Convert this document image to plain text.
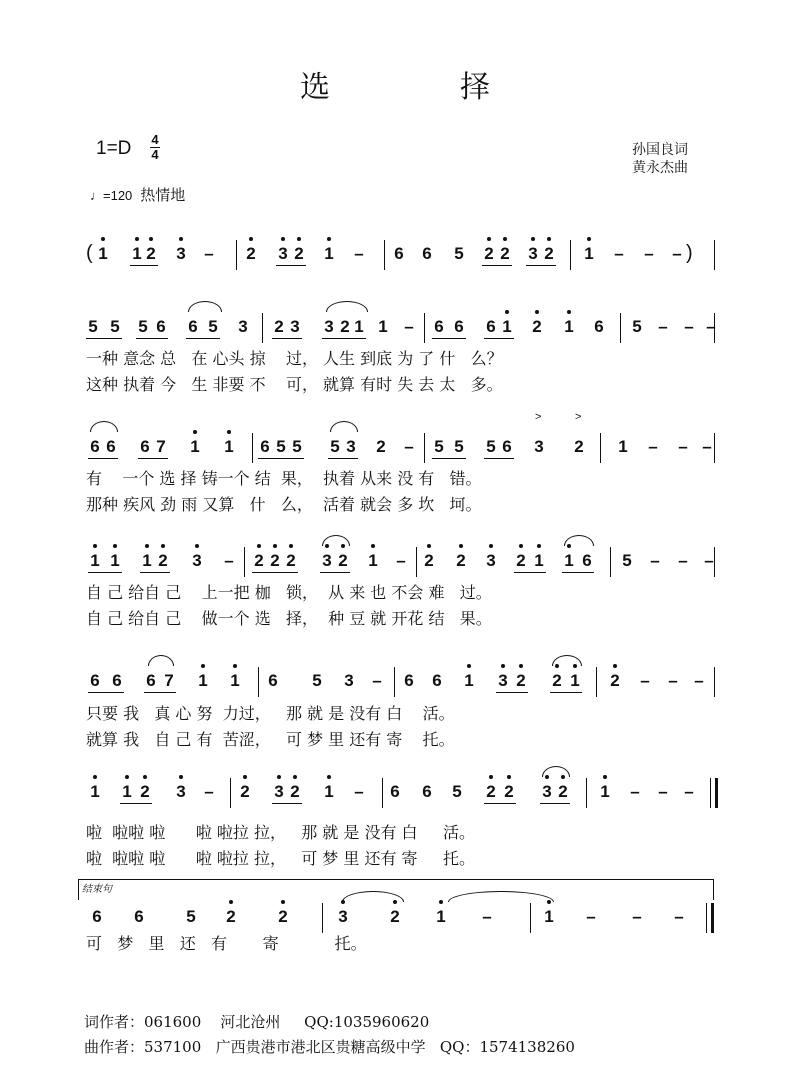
选　　　　择
1=D 4
4	孙国良词
黄永杰曲
♩=120 热情地
( 1 1 2 3 – 2 3 2 1 – 6 6 5 2 2 3 2 1 – – – )
5 5 5 6 6 5 3 2 3 3 2 1 1 – 6 6 6 1 2 1 6 5 – – –
一种 意念 总   在 心头 掠    过， 人生 到底 为 了 什   么？
这种 执着 今   生 非要 不    可， 就算 有时 失 去 太   多。
6 6 6 7 1 1 6 5 5 5 3 2 – 5 5 5 6 3
>
2
>
1 – – –
有    一个 选 择 铸一个 结  果，  执着 从来 没 有   错。
那种 疾风 劲 雨 又算   什   么，  活着 就会 多 坎   坷。
1 1 1 2 3 – 2 2 2 3 2 1 – 2 2 3 2 1 1 6 5 – – –
自 己 给自 己    上一把 枷   锁，  从 来 也 不会 难   过。
自 己 给自 己    做一个 选   择，  种 豆 就 开花 结   果。
6 6 6 7 1 1 6 5 3 – 6 6 1 3 2 2 1 2 – – –
只要 我   真 心 努  力过，   那 就 是 没有 白    活。
就算 我   自 己 有  苦涩，   可 梦 里 还有 寄    托。
1 1 2 3 – 2 3 2 1 – 6 6 5 2 2 3 2 1 – – –
啦  啦啦 啦      啦 啦拉 拉，   那 就 是 没有 白     活。
啦  啦啦 啦      啦 啦拉 拉，   可 梦 里 还有 寄     托。
结束句
6 6	5 2	2	3	2 1 –	1 – – –
可   梦   里   还   有       寄           托。
词作者：061600    河北沧州     QQ:1035960620
曲作者：537100   广西贵港市港北区贵糖高级中学   QQ：1574138260
